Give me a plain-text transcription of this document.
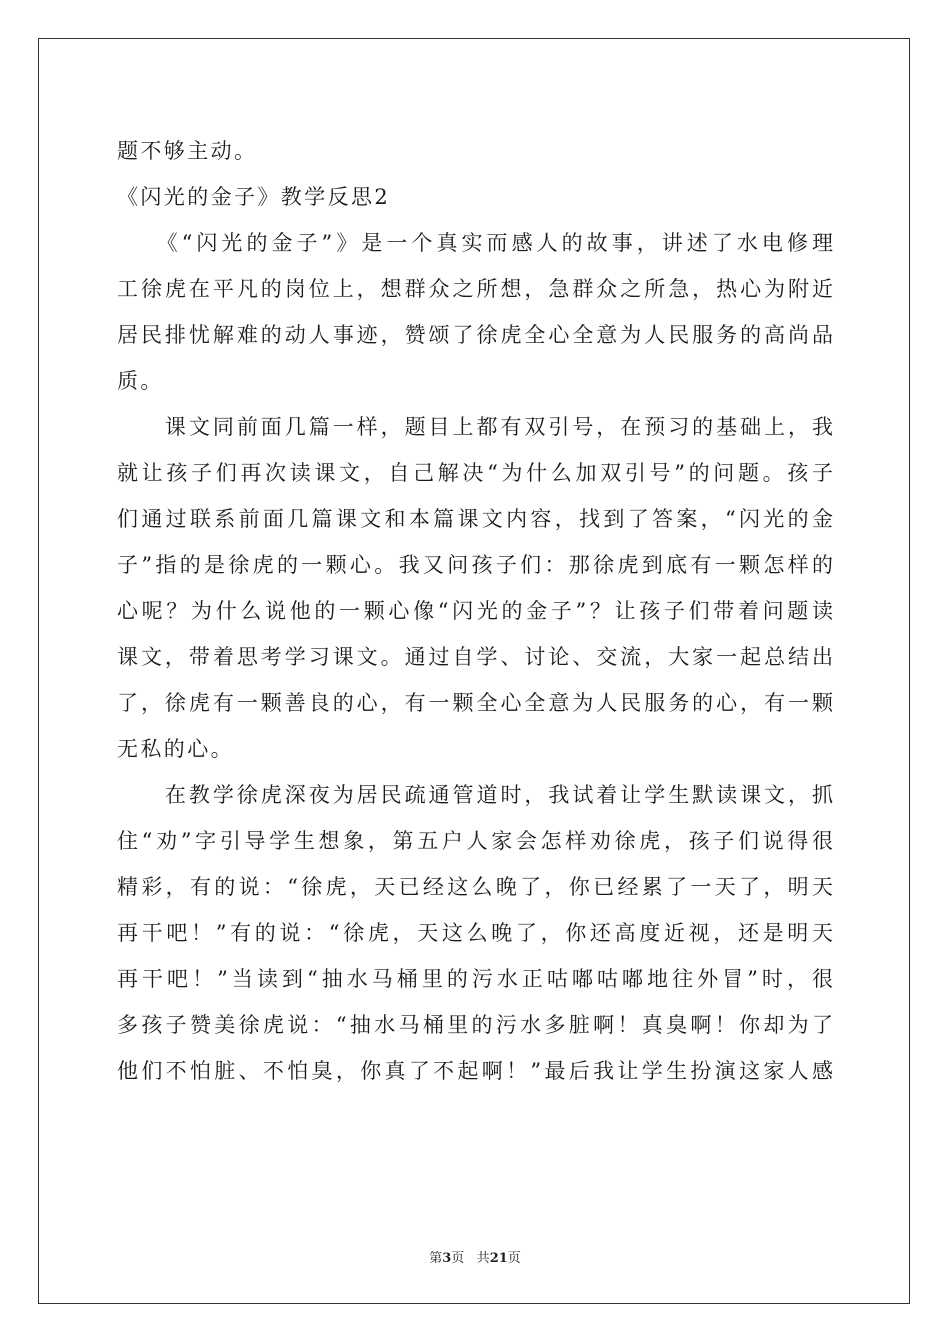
题不够主动。
《闪光的金子》教学反思2
　　《“闪光的金子”》是一个真实而感人的故事，讲述了水电修理
工徐虎在平凡的岗位上，想群众之所想，急群众之所急，热心为附近
居民排忧解难的动人事迹，赞颂了徐虎全心全意为人民服务的高尚品
质。
　　课文同前面几篇一样，题目上都有双引号，在预习的基础上，我
就让孩子们再次读课文，自己解决“为什么加双引号”的问题。孩子
们通过联系前面几篇课文和本篇课文内容，找到了答案，“闪光的金
子”指的是徐虎的一颗心。我又问孩子们：那徐虎到底有一颗怎样的
心呢？为什么说他的一颗心像“闪光的金子”？让孩子们带着问题读
课文，带着思考学习课文。通过自学、讨论、交流，大家一起总结出
了，徐虎有一颗善良的心，有一颗全心全意为人民服务的心，有一颗
无私的心。
　　在教学徐虎深夜为居民疏通管道时，我试着让学生默读课文，抓
住“劝”字引导学生想象，第五户人家会怎样劝徐虎，孩子们说得很
精彩，有的说：“徐虎，天已经这么晚了，你已经累了一天了，明天
再干吧！”有的说：“徐虎，天这么晚了，你还高度近视，还是明天
再干吧！”当读到“抽水马桶里的污水正咕嘟咕嘟地往外冒”时，很
多孩子赞美徐虎说：“抽水马桶里的污水多脏啊！真臭啊！你却为了
他们不怕脏、不怕臭，你真了不起啊！”最后我让学生扮演这家人感
第3页 共21页
